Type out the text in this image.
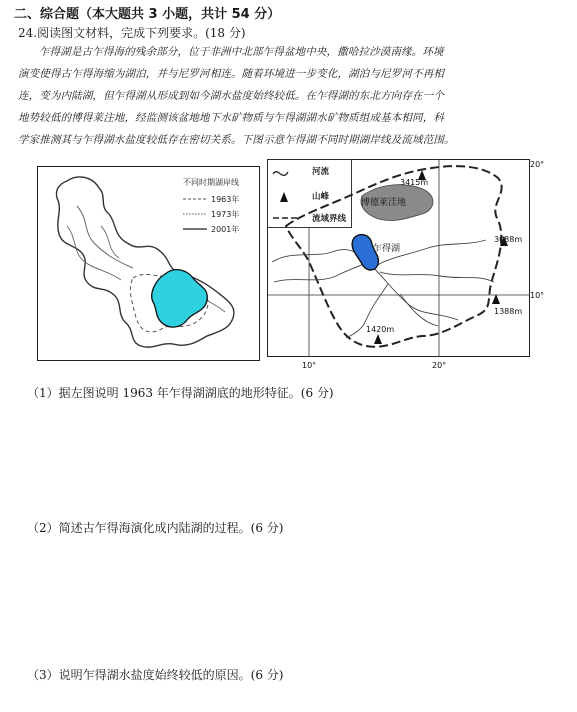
二、综合题（本大题共 3 小题，共计 54 分）
24.阅读图文材料，完成下列要求。(18 分)
乍得湖是古乍得海的残余部分，位于非洲中北部乍得盆地中央，撒哈拉沙漠南缘。环境
演变使得古乍得海缩为湖泊，并与尼罗河相连。随着环境进一步变化，湖泊与尼罗河不再相
连，变为内陆湖，但乍得湖从形成到如今湖水盐度始终较低。在乍得湖的东北方向存在一个
地势较低的博得莱注地，经监测该盆地地下水矿物质与乍得湖湖水矿物质组成基本相同，科
学家推测其与乍得湖水盐度较低存在密切关系。下图示意乍得湖不同时期湖岸线及流域范围。
不同时期湖岸线
1963年
1973年
2001年
河流
山峰
流域界线
博德莱洼地
乍得湖
3415m
3088m
1388m
1420m
20°
10°
10°	20°
（1）据左图说明 1963 年乍得湖湖底的地形特征。(6 分)
（2）简述古乍得海演化成内陆湖的过程。(6 分)
（3）说明乍得湖水盐度始终较低的原因。(6 分)
